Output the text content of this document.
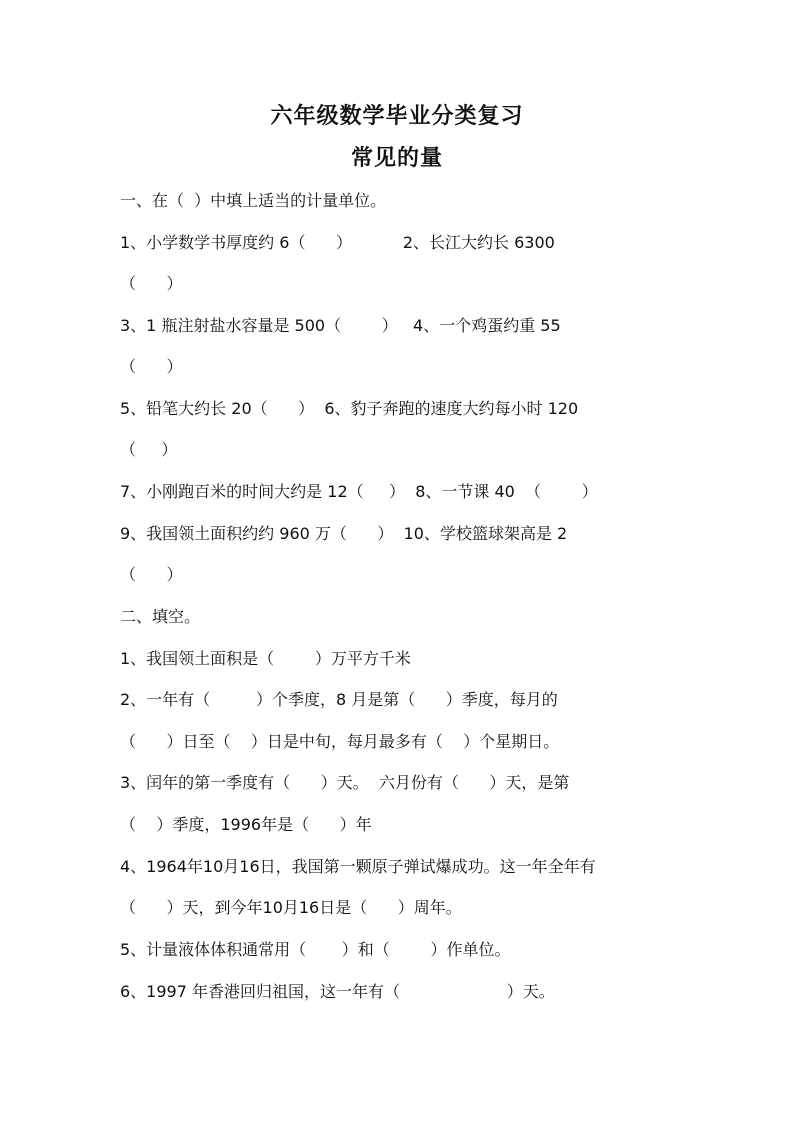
六年级数学毕业分类复习
常见的量

一、在（  ）中填上适当的计量单位。

1、小学数学书厚度约 6（      ）          2、长江大约长 6300

（      ）

3、1 瓶注射盐水容量是 500（        ）   4、一个鸡蛋约重 55

（      ）

5、铅笔大约长 20（      ）  6、豹子奔跑的速度大约每小时 120

（     ）

7、小刚跑百米的时间大约是 12（     ）  8、一节课 40  （        ）

9、我国领土面积约约 960 万（      ）  10、学校篮球架高是 2

（      ）

二、填空。

1、我国领土面积是（        ）万平方千米

2、一年有（         ）个季度，8 月是第（      ）季度，每月的

（      ）日至（    ）日是中旬，每月最多有（    ）个星期日。

3、闰年的第一季度有（      ）天。  六月份有（      ）天，是第

（    ）季度，1996年是（      ）年

4、1964年10月16日，我国第一颗原子弹试爆成功。这一年全年有

（      ）天，到今年10月16日是（      ）周年。

5、计量液体体积通常用（       ）和（        ）作单位。

6、1997 年香港回归祖国，这一年有（                     ）天。
